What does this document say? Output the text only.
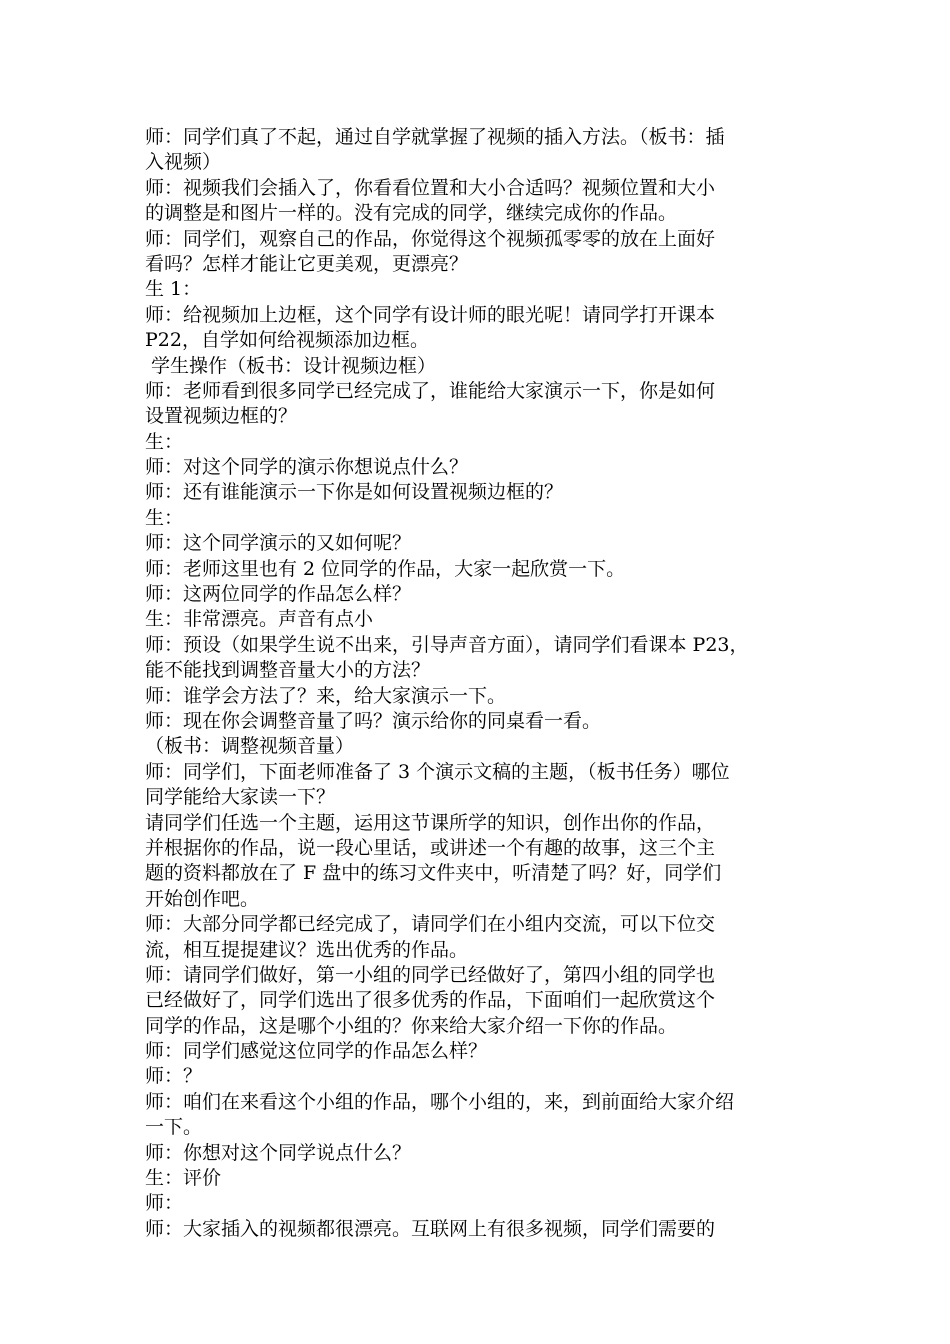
师：同学们真了不起，通过自学就掌握了视频的插入方法。（板书：插
入视频）
师：视频我们会插入了，你看看位置和大小合适吗？视频位置和大小
的调整是和图片一样的。没有完成的同学，继续完成你的作品。
师：同学们，观察自己的作品，你觉得这个视频孤零零的放在上面好
看吗？怎样才能让它更美观，更漂亮？
生 1：
师：给视频加上边框，这个同学有设计师的眼光呢！请同学打开课本
P22，自学如何给视频添加边框。
学生操作（板书：设计视频边框）
师：老师看到很多同学已经完成了，谁能给大家演示一下，你是如何
设置视频边框的？
生：
师：对这个同学的演示你想说点什么？
师：还有谁能演示一下你是如何设置视频边框的？
生：
师：这个同学演示的又如何呢？
师：老师这里也有 2 位同学的作品，大家一起欣赏一下。
师：这两位同学的作品怎么样？
生：非常漂亮。声音有点小
师：预设（如果学生说不出来，引导声音方面），请同学们看课本 P23，
能不能找到调整音量大小的方法？
师：谁学会方法了？来，给大家演示一下。
师：现在你会调整音量了吗？演示给你的同桌看一看。
（板书：调整视频音量）
师：同学们，下面老师准备了 3 个演示文稿的主题，（板书任务）哪位
同学能给大家读一下？
请同学们任选一个主题，运用这节课所学的知识，创作出你的作品，
并根据你的作品，说一段心里话，或讲述一个有趣的故事，这三个主
题的资料都放在了 F 盘中的练习文件夹中，听清楚了吗？好，同学们
开始创作吧。
师：大部分同学都已经完成了，请同学们在小组内交流，可以下位交
流，相互提提建议？选出优秀的作品。
师：请同学们做好，第一小组的同学已经做好了，第四小组的同学也
已经做好了，同学们选出了很多优秀的作品，下面咱们一起欣赏这个
同学的作品，这是哪个小组的？你来给大家介绍一下你的作品。
师：同学们感觉这位同学的作品怎么样？
师：？
师：咱们在来看这个小组的作品，哪个小组的，来，到前面给大家介绍
一下。
师：你想对这个同学说点什么？
生：评价
师：
师：大家插入的视频都很漂亮。互联网上有很多视频，同学们需要的
